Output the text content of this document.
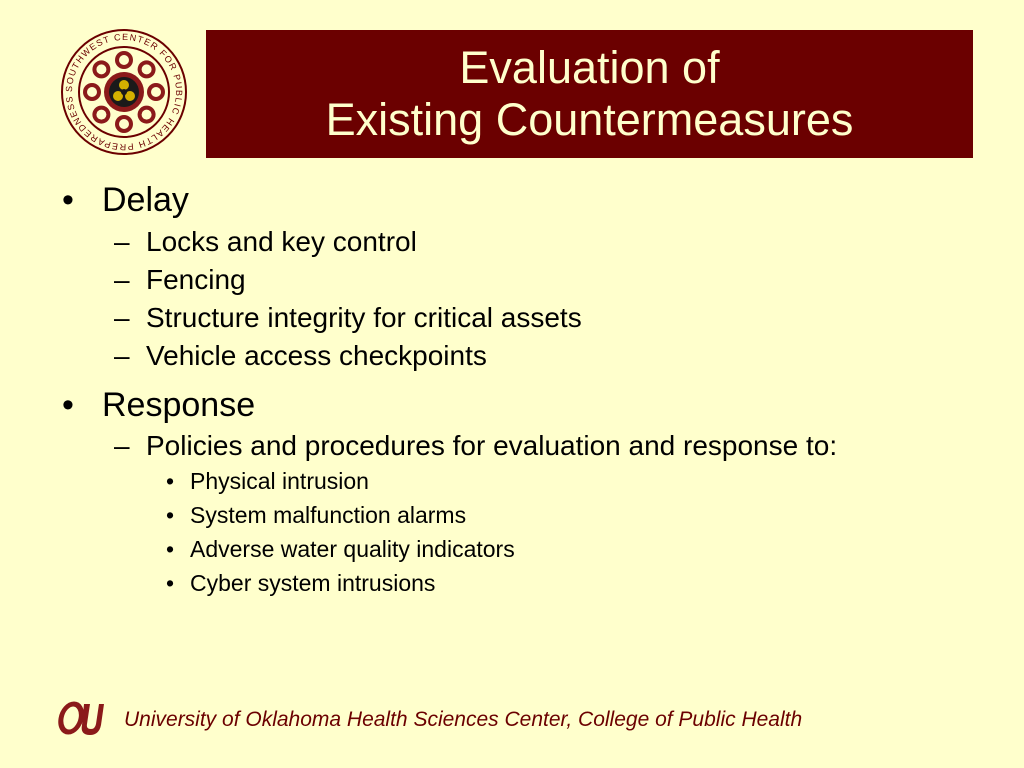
SOUTHWEST CENTER FOR PUBLIC HEALTH PREPAREDNESS
Evaluation of
Existing Countermeasures
• Delay
– Locks and key control
– Fencing
– Structure integrity for critical assets
– Vehicle access checkpoints
• Response
– Policies and procedures for evaluation and response to:
• Physical intrusion
• System malfunction alarms
• Adverse water quality indicators
• Cyber system intrusions
University of Oklahoma Health Sciences Center, College of Public Health
